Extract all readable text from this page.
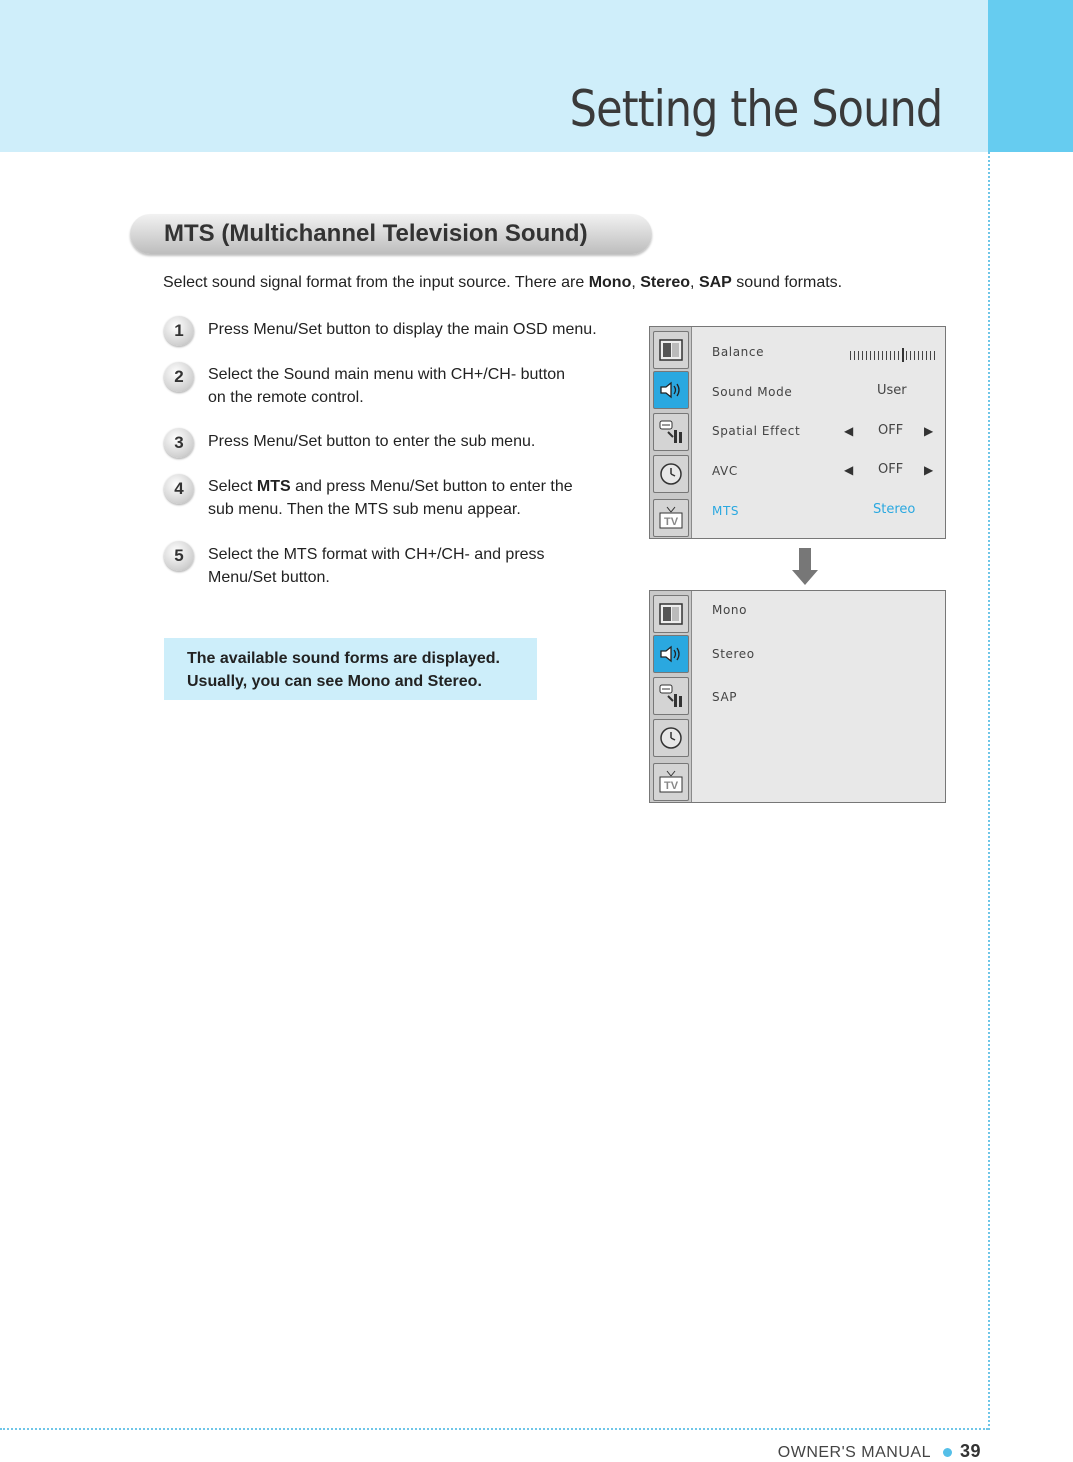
Setting the Sound
MTS (Multichannel Television Sound)
Select sound signal format from the input source. There are Mono, Stereo, SAP sound formats.
1	Press Menu/Set button to display the main OSD menu.
2	Select the Sound main menu with CH+/CH- button
on the remote control.
3	Press Menu/Set button to enter the sub menu.
4	Select MTS and press Menu/Set button to enter the
sub menu. Then the MTS sub menu appear.
5	Select the MTS format with CH+/CH- and press
Menu/Set button.
The available sound forms are displayed.
Usually, you can see Mono and Stereo.
TV
Balance
Sound Mode	User
Spatial Effect	◀ OFF ▶
AVC	◀ OFF ▶
MTS	Stereo
TV
Mono
Stereo
SAP
OWNER'S MANUAL 39
